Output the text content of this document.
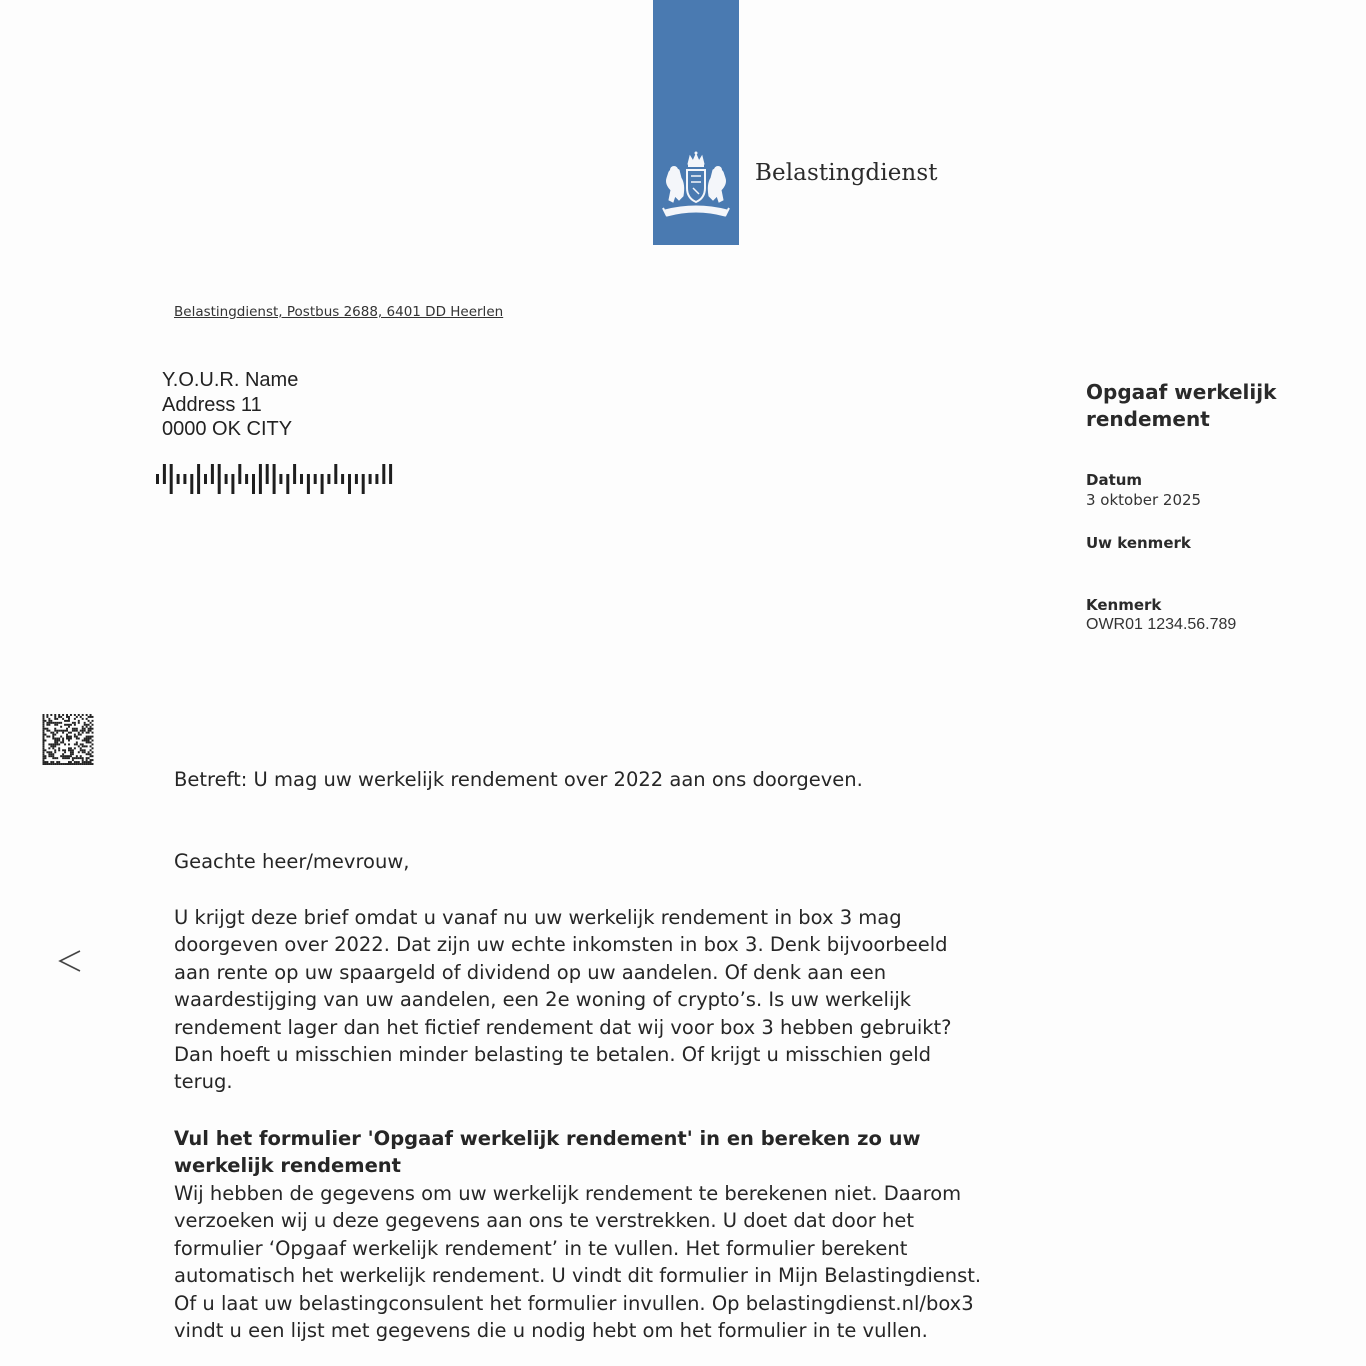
Belastingdienst
Belastingdienst, Postbus 2688, 6401 DD Heerlen
Y.O.U.R. Name
Address 11
0000 OK CITY
Opgaaf werkelijk
rendement
Datum
3 oktober 2025
Uw kenmerk
Kenmerk
OWR01 1234.56.789
Betreft: U mag uw werkelijk rendement over 2022 aan ons doorgeven.
Geachte heer/mevrouw,
U krijgt deze brief omdat u vanaf nu uw werkelijk rendement in box 3 mag
doorgeven over 2022. Dat zijn uw echte inkomsten in box 3. Denk bijvoorbeeld
aan rente op uw spaargeld of dividend op uw aandelen. Of denk aan een
waardestijging van uw aandelen, een 2e woning of crypto’s. Is uw werkelijk
rendement lager dan het fictief rendement dat wij voor box 3 hebben gebruikt?
Dan hoeft u misschien minder belasting te betalen. Of krijgt u misschien geld
terug.
Vul het formulier 'Opgaaf werkelijk rendement' in en bereken zo uw
werkelijk rendement
Wij hebben de gegevens om uw werkelijk rendement te berekenen niet. Daarom
verzoeken wij u deze gegevens aan ons te verstrekken. U doet dat door het
formulier ‘Opgaaf werkelijk rendement’ in te vullen. Het formulier berekent
automatisch het werkelijk rendement. U vindt dit formulier in Mijn Belastingdienst.
Of u laat uw belastingconsulent het formulier invullen. Op belastingdienst.nl/box3
vindt u een lijst met gegevens die u nodig hebt om het formulier in te vullen.
